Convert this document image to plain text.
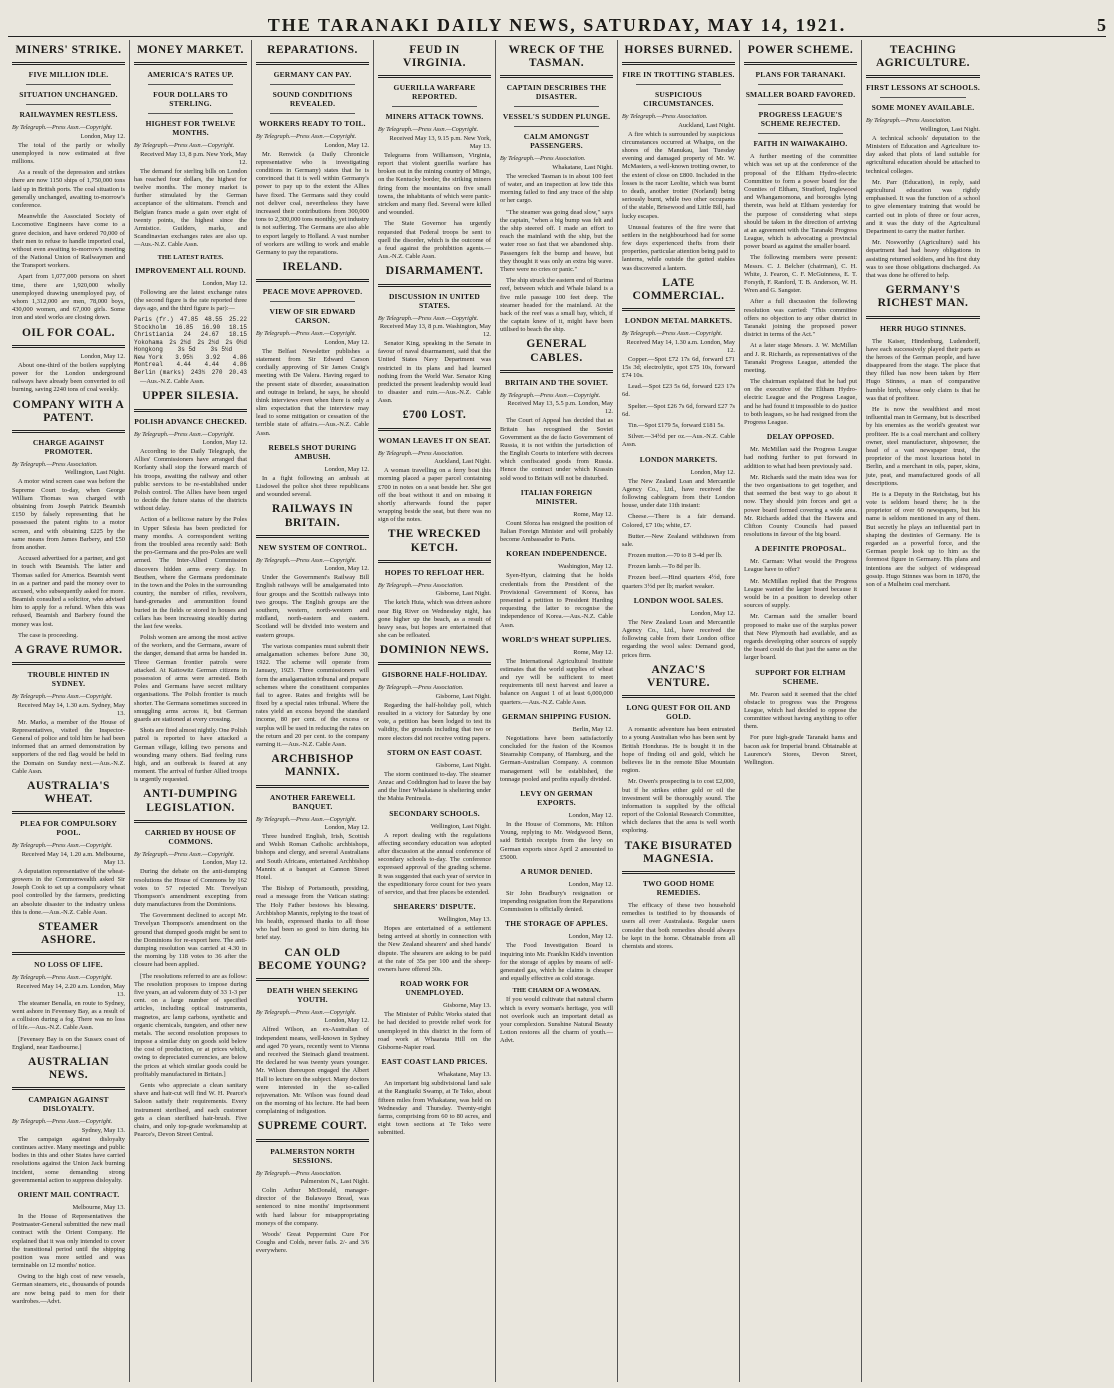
THE TARANAKI DAILY NEWS, SATURDAY, MAY 14, 1921.	5
MINERS' STRIKE.
FIVE MILLION IDLE.
SITUATION UNCHANGED.
RAILWAYMEN RESTLESS.
By Telegraph.—Press Assn.—Copyright.
London, May 12.

The total of the partly or wholly unemployed is now estimated at five millions.

As a result of the depression and strikes there are now 1150 ships of 1,750,000 tons laid up in British ports. The coal situation is generally unchanged, awaiting to-morrow's conference.

Meanwhile the Associated Society of Locomotive Engineers have come to a grave decision, and have ordered 70,000 of their men to refuse to handle imported coal, without even awaiting to-morrow's meeting of the National Union of Railwaymen and the Transport workers.

Apart from 1,077,000 persons on short time, there are 1,920,000 wholly unemployed drawing unemployed pay, of whom 1,312,000 are men, 78,000 boys, 430,000 women, and 67,000 girls. Some iron and steel works are closing down.

OIL FOR COAL.
London, May 12.

About one-third of the boilers supplying power for the London underground railways have already been converted to oil burning, saving 2240 tons of coal weekly.

COMPANY WITH A PATENT.
CHARGE AGAINST PROMOTER.
By Telegraph.—Press Association.
Wellington, Last Night.

A motor wind screen case was before the Supreme Court to-day, when George William Thomas was charged with obtaining from Joseph Patrick Beamish £150 by falsely representing that he possessed the patent rights to a motor screen, and with obtaining £225 by the same means from James Barbery, and £50 from another.

Accused advertised for a partner, and got in touch with Beamish. The latter and Thomas sailed for America. Beamish went in as a partner and paid the money over to accused, who subsequently asked for more. Beamish consulted a solicitor, who advised him to apply for a refund. When this was refused, Beamish and Barbery found the money was lost.

The case is proceeding.

A GRAVE RUMOR.
TROUBLE HINTED IN SYDNEY.
By Telegraph.—Press Assn.—Copyright.
Received May 14, 1.30 a.m. Sydney, May 13.

Mr. Marks, a member of the House of Representatives, visited the Inspector-General of police and told him he had been informed that an armed demonstration by supporters of the red flag would be held in the Domain on Sunday next.—Aus.-N.Z. Cable Assn.

AUSTRALIA'S WHEAT.
PLEA FOR COMPULSORY POOL.
By Telegraph.—Press Assn.—Copyright.
Received May 14, 1.20 a.m. Melbourne, May 13.

A deputation representative of the wheat-growers in the Commonwealth asked Sir Joseph Cook to set up a compulsory wheat pool controlled by the farmers, predicting an absolute disaster to the industry unless this is done.—Aus.-N.Z. Cable Assn.

STEAMER ASHORE.
NO LOSS OF LIFE.
By Telegraph.—Press Assn.—Copyright.
Received May 14, 2.20 a.m. London, May 13.

The steamer Benalla, en route to Sydney, went ashore in Fevensey Bay, as a result of a collision during a fog. There was no loss of life.—Aus.-N.Z. Cable Assn.

[Fevensey Bay is on the Sussex coast of England, near Eastbourne.]

AUSTRALIAN NEWS.
CAMPAIGN AGAINST DISLOYALTY.
By Telegraph.—Press Assn.—Copyright.
Sydney, May 13.

The campaign against disloyalty continues active. Many meetings and public bodies in this and other States have carried resolutions against the Union Jack burning incident, some demanding strong governmental action to suppress disloyalty.

ORIENT MAIL CONTRACT.
Melbourne, May 13.

In the House of Representatives the Postmaster-General submitted the new mail contract with the Orient Company. He explained that it was only intended to cover the transitional period until the shipping position was more settled and was terminable on 12 months' notice.

Owing to the high cost of new vessels, German steamers, etc., thousands of pounds are now being paid to men for their wardrobes.—Advt.

MONEY MARKET.
AMERICA'S RATES UP.
FOUR DOLLARS TO STERLING.
HIGHEST FOR TWELVE MONTHS.
By Telegraph.—Press Assn.—Copyright.
Received May 13, 8 p.m. New York, May 12.

The demand for sterling bills on London has reached four dollars, the highest for twelve months. The money market is further stimulated by the German acceptance of the ultimatum. French and Belgian francs made a gain over eight of twenty points, the highest since the Armistice. Guilders, marks, and Scandinavian exchanges rates are also up.—Aus.-N.Z. Cable Assn.

THE LATEST RATES.
IMPROVEMENT ALL ROUND.
London, May 12.

Following are the latest exchange rates (the second figure is the rate reported three days ago, and the third figure is par):—

Paris (fr.) 47.85 48.55 25.22
Stockholm 16.85 16.90 18.15
Christiania 24 24.67 18.15
Yokohama 2s 2½d 2s 2½d 2s 0½d
Hongkong 3s 5d 3s 5½d
New York 3.95½ 3.92 4.86
Montreal 4.44 4.44 4.86
Berlin (marks) 243½ 270 20.43

—Aus.-N.Z. Cable Assn.

UPPER SILESIA.
POLISH ADVANCE CHECKED.
By Telegraph.—Press Assn.—Copyright.
London, May 12.

According to the Daily Telegraph, the Allies' Commissioners have arranged that Korfanty shall stop the forward march of his troops, awaiting the railway and other public services to be re-established under Polish control. The Allies have been urged to decide the future status of the districts without delay.

Action of a bellicose nature by the Poles in Upper Silesia has been predicted for many months. A correspondent writing from the troubled area recently said: Both the pro-Germans and the pro-Poles are well armed. The Inter-Allied Commission discovers hidden arms every day. In Beuthen, where the Germans predominate in the town and the Poles in the surrounding country, the number of rifles, revolvers, hand-grenades and ammunition found buried in the fields or stored in houses and cellars has been increasing steadily during the last few weeks.

Polish women are among the most active of the workers, and the Germans, aware of the danger, demand that arms be handed in. Three German frontier patrols were attacked. At Kattowitz German citizens in possession of arms were arrested. Both Poles and Germans have secret military organisations. The Polish frontier is much shorter. The Germans sometimes succeed in smuggling arms across it, but German guards are stationed at every crossing.

Shots are fired almost nightly. One Polish patrol is reported to have attacked a German village, killing two persons and wounding many others. Bad feeling runs high, and an outbreak is feared at any moment. The arrival of further Allied troops is urgently requested.

ANTI-DUMPING LEGISLATION.
CARRIED BY HOUSE OF COMMONS.
By Telegraph.—Press Assn.—Copyright.
London, May 12.

During the debate on the anti-dumping resolutions the House of Commons by 162 votes to 57 rejected Mr. Trevelyan Thompson's amendment excepting from duty manufactures from the Dominions.

The Government declined to accept Mr. Trevelyan Thompson's amendment on the ground that dumped goods might be sent to the Dominions for re-export here. The anti-dumping resolution was carried at 4.30 in the morning by 118 votes to 36 after the closure had been applied.

[The resolutions referred to are as follow: The resolution proposes to impose during five years, an ad valorem duty of 33 1-3 per cent. on a large number of specified articles, including optical instruments, magnetos, arc lamp carbons, synthetic and organic chemicals, tungsten, and other new metals. The second resolution proposes to impose a similar duty on goods sold below the cost of production, or at prices which, owing to depreciated currencies, are below the prices at which similar goods could be profitably manufactured in Britain.]

Gents who appreciate a clean sanitary shave and hair-cut will find W. H. Pearce's Saloon satisfy their requirements. Every instrument sterilised, and each customer gets a clean sterilised hair-brush. Five chairs, and only top-grade workmanship at Pearce's, Devon Street Central.

REPARATIONS.
GERMANY CAN PAY.
SOUND CONDITIONS REVEALED.
WORKERS READY TO TOIL.
By Telegraph.—Press Assn.—Copyright.
London, May 12.

Mr. Renwick (a Daily Chronicle representative who is investigating conditions in Germany) states that he is convinced that it is well within Germany's power to pay up to the extent the Allies have fixed. The Germans said they could not deliver coal, nevertheless they have increased their contributions from 300,000 tons to 2,300,000 tons monthly, yet industry is not suffering. The Germans are also able to export largely to Holland. A vast number of workers are willing to work and enable Germany to pay the reparations.

IRELAND.
PEACE MOVE APPROVED.
VIEW OF SIR EDWARD CARSON.
By Telegraph.—Press Assn.—Copyright.
London, May 12.

The Belfast Newsletter publishes a statement from Sir Edward Carson cordially approving of Sir James Craig's meeting with De Valera. Having regard to the present state of disorder, assassination and outrage in Ireland, he says, he should think interviews even when there is only a slim expectation that the interview may lead to some mitigation or cessation of the terrible state of affairs.—Aus.-N.Z. Cable Assn.

REBELS SHOT DURING AMBUSH.
London, May 12.

In a fight following an ambush at Lisdowel the police shot three republicans and wounded several.

RAILWAYS IN BRITAIN.
NEW SYSTEM OF CONTROL.
By Telegraph.—Press Assn.—Copyright.
London, May 12.

Under the Government's Railway Bill English railways will be amalgamated into four groups and the Scottish railways into two groups. The English groups are the southern, western, north-western and midland, north-eastern and eastern. Scotland will be divided into western and eastern groups.

The various companies must submit their amalgamation schemes before June 30, 1922. The scheme will operate from January, 1923. Three commissioners will form the amalgamation tribunal and prepare schemes where the constituent companies fail to agree. Rates and freights will be fixed by a special rates tribunal. Where the rates yield an excess beyond the standard income, 80 per cent. of the excess or surplus will be used in reducing the rates on the return and 20 per cent. to the company earning it.—Aus.-N.Z. Cable Assn.

ARCHBISHOP MANNIX.
ANOTHER FAREWELL BANQUET.
By Telegraph.—Press Assn.—Copyright.
London, May 12.

Three hundred English, Irish, Scottish and Welsh Roman Catholic archbishops, bishops and clergy, and several Australians and South Africans, entertained Archbishop Mannix at a banquet at Cannon Street Hotel.

The Bishop of Portsmouth, presiding, read a message from the Vatican stating: The Holy Father bestows his blessing. Archbishop Mannix, replying to the toast of his health, expressed thanks to all those who had been so good to him during his brief stay.

CAN OLD BECOME YOUNG?
DEATH WHEN SEEKING YOUTH.
By Telegraph.—Press Assn.—Copyright.
London, May 12.

Alfred Wilson, an ex-Australian of independent means, well-known in Sydney and aged 70 years, recently went to Vienna and received the Steinach gland treatment. He declared he was twenty years younger. Mr. Wilson thereupon engaged the Albert Hall to lecture on the subject. Many doctors were interested in the so-called rejuvenation. Mr. Wilson was found dead on the morning of his lecture. He had been complaining of indigestion.

SUPREME COURT.
PALMERSTON NORTH SESSIONS.
By Telegraph.—Press Association.
Palmerston N., Last Night.

Colin Arthur McDonald, manager-director of the Bulawayo Bread, was sentenced to nine months' imprisonment with hard labour for misappropriating moneys of the company.

Woods' Great Peppermint Cure For Coughs and Colds, never fails. 2/- and 3/6 everywhere.

FEUD IN VIRGINIA.
GUERILLA WARFARE REPORTED.
MINERS ATTACK TOWNS.
By Telegraph.—Press Assn.—Copyright.
Received May 13, 9.15 p.m. New York, May 13.

Telegrams from Williamson, Virginia, report that violent guerilla warfare has broken out in the mining country of Mingo, on the Kentucky border, the striking miners firing from the mountains on five small towns, the inhabitants of which were panic-stricken and many fled. Several were killed and wounded.

The State Governor has urgently requested that Federal troops be sent to quell the disorder, which is the outcome of a feud against the prohibition agents.—Aus.-N.Z. Cable Assn.

DISARMAMENT.
DISCUSSION IN UNITED STATES.
By Telegraph.—Press Assn.—Copyright.
Received May 13, 8 p.m. Washington, May 12.

Senator King, speaking in the Senate in favour of naval disarmament, said that the United States Navy Department was restricted in its plans and had learned nothing from the World War. Senator King predicted the present leadership would lead to disaster and ruin.—Aus.-N.Z. Cable Assn.

£700 LOST.
WOMAN LEAVES IT ON SEAT.
By Telegraph.—Press Association.
Auckland, Last Night.

A woman travelling on a ferry boat this morning placed a paper parcel containing £700 in notes on a seat beside her. She got off the boat without it and on missing it shortly afterwards found the paper wrapping beside the seat, but there was no sign of the notes.

THE WRECKED KETCH.
HOPES TO REFLOAT HER.
By Telegraph.—Press Association.
Gisborne, Last Night.

The ketch Huia, which was driven ashore near Big River on Wednesday night, has gone higher up the beach, as a result of heavy seas, but hopes are entertained that she can be refloated.

DOMINION NEWS.
GISBORNE HALF-HOLIDAY.
By Telegraph.—Press Association.
Gisborne, Last Night.

Regarding the half-holiday poll, which resulted in a victory for Saturday by one vote, a petition has been lodged to test its validity, the grounds including that two or more electors did not receive voting papers.

STORM ON EAST COAST.
Gisborne, Last Night.

The storm continued to-day. The steamer Anzac and Coddington had to leave the bay and the liner Whakatane is sheltering under the Mahia Peninsula.

SECONDARY SCHOOLS.
Wellington, Last Night.

A report dealing with the regulations affecting secondary education was adopted after discussion at the annual conference of secondary schools to-day. The conference expressed approval of the grading scheme. It was suggested that each year of service in the expeditionary force count for two years of service, and that free places be extended.

SHEARERS' DISPUTE.
Wellington, May 13.

Hopes are entertained of a settlement being arrived at shortly in connection with the New Zealand shearers' and shed hands' dispute. The shearers are asking to be paid at the rate of 35s per 100 and the sheep-owners have offered 30s.

ROAD WORK FOR UNEMPLOYED.
Gisborne, May 13.

The Minister of Public Works stated that he had decided to provide relief work for unemployed in this district in the form of road work at Whaarata Hill on the Gisborne-Napier road.

EAST COAST LAND PRICES.
Whakatane, May 13.

An important big subdivisional land sale at the Rangitaiki Swamp, at Te Teko, about fifteen miles from Whakatane, was held on Wednesday and Thursday. Twenty-eight farms, comprising from 60 to 80 acres, and eight town sections at Te Teko were submitted.

WRECK OF THE TASMAN.
CAPTAIN DESCRIBES THE DISASTER.
VESSEL'S SUDDEN PLUNGE.
CALM AMONGST PASSENGERS.
By Telegraph.—Press Association.
Whakatane, Last Night.

The wrecked Tasman is in about 100 feet of water, and an inspection at low tide this morning failed to find any trace of the ship or her cargo.

"The steamer was going dead slow," says the captain, "when a big bump was felt and the ship steered off. I made an effort to reach the mainland with the ship, but the water rose so fast that we abandoned ship. Passengers felt the bump and heave, but they thought it was only an extra big wave. There were no cries or panic."

The ship struck the eastern end of Rurima reef, between which and Whale Island is a five mile passage 100 feet deep. The steamer headed for the mainland. At the back of the reef was a small bay, which, if the captain knew of it, might have been utilised to beach the ship.

GENERAL CABLES.
BRITAIN AND THE SOVIET.
By Telegraph.—Press Assn.—Copyright.
Received May 13, 5.5 p.m. London, May 12.

The Court of Appeal has decided that as Britain has recognised the Soviet Government as the de facto Government of Russia, it is not within the jurisdiction of the English Courts to interfere with decrees which confiscated goods from Russia. Hence the contract under which Krassin sold wood to Britain will not be disturbed.

ITALIAN FOREIGN MINISTER.
Rome, May 12.

Count Sforza has resigned the position of Italian Foreign Minister and will probably become Ambassador to Paris.

KOREAN INDEPENDENCE.
Washington, May 12.

Syen-Hyun, claiming that he holds credentials from the President of the Provisional Government of Korea, has presented a petition to President Harding requesting the latter to recognise the independence of Korea.—Aus.-N.Z. Cable Assn.

WORLD'S WHEAT SUPPLIES.
Rome, May 12.

The International Agricultural Institute estimates that the world supplies of wheat and rye will be sufficient to meet requirements till next harvest and leave a balance on August 1 of at least 6,000,000 quarters.—Aus.-N.Z. Cable Assn.

GERMAN SHIPPING FUSION.
Berlin, May 12.

Negotiations have been satisfactorily concluded for the fusion of the Kosmos Steamship Company, of Hamburg, and the German-Australian Company. A common management will be established, the tonnage pooled and profits equally divided.

LEVY ON GERMAN EXPORTS.
London, May 12.

In the House of Commons, Mr. Hilton Young, replying to Mr. Wedgwood Benn, said British receipts from the levy on German exports since April 2 amounted to £5000.

A RUMOR DENIED.
London, May 12.

Sir John Bradbury's resignation or impending resignation from the Reparations Commission is officially denied.

THE STORAGE OF APPLES.
London, May 12.

The Food Investigation Board is inquiring into Mr. Franklin Kidd's invention for the storage of apples by means of self-generated gas, which he claims is cheaper and equally effective as cold storage.

THE CHARM OF A WOMAN.

If you would cultivate that natural charm which is every woman's heritage, you will not overlook such an important detail as your complexion. Sunshine Natural Beauty Lotion restores all the charm of youth.—Advt.

HORSES BURNED.
FIRE IN TROTTING STABLES.
SUSPICIOUS CIRCUMSTANCES.
By Telegraph.—Press Association.
Auckland, Last Night.

A fire which is surrounded by suspicious circumstances occurred at Whaipu, on the shores of the Manukau, last Tuesday evening and damaged property of Mr. W. McMasters, a well-known trotting owner, to the extent of close on £800. Included in the losses is the racer Leolite, which was burnt to death, another trotter (Norland) being seriously burnt, while two other occupants of the stable, Brisewood and Little Bill, had lucky escapes.

Unusual features of the fire were that settlers in the neighbourhood had for some few days experienced thefts from their properties, particular attention being paid to lanterns, while outside the gutted stables was discovered a lantern.

LATE COMMERCIAL.
LONDON METAL MARKETS.
By Telegraph.—Press Assn.—Copyright.
Received May 14, 1.30 a.m. London, May 12.

Copper.—Spot £72 17s 6d, forward £71 15s 3d; electrolytic, spot £75 10s, forward £74 10s.

Lead.—Spot £23 5s 6d, forward £23 17s 6d.

Spelter.—Spot £26 7s 6d, forward £27 7s 6d.

Tin.—Spot £179 5s, forward £181 5s.

Silver.—34½d per oz.—Aus.-N.Z. Cable Assn.

LONDON MARKETS.
London, May 12.

The New Zealand Loan and Mercantile Agency Co., Ltd., have received the following cablegram from their London house, under date 11th instant:

Cheese.—There is a fair demand. Colored, £7 10s; white, £7.

Butter.—New Zealand withdrawn from sale.

Frozen mutton.—70 to 8 3-4d per lb.

Frozen lamb.—To 8d per lb.

Frozen beef.—Hind quarters 4½d, fore quarters 3½d per lb; market weaker.

LONDON WOOL SALES.
London, May 12.

The New Zealand Loan and Mercantile Agency Co., Ltd., have received the following cable from their London office regarding the wool sales: Demand good, prices firm.

ANZAC'S VENTURE.
LONG QUEST FOR OIL AND GOLD.

A romantic adventure has been entrusted to a young Australian who has been sent by British Honduras. He is bought it in the hope of finding oil and gold, which he believes lie in the remote Blue Mountain region.

Mr. Owen's prospecting is to cost £2,000, but if he strikes either gold or oil the investment will be thoroughly sound. The information is supplied by the official report of the Colonial Research Committee, which declares that the area is well worth exploring.

TAKE BISURATED MAGNESIA.
TWO GOOD HOME REMEDIES.

The efficacy of these two household remedies is testified to by thousands of users all over Australasia. Regular users consider that both remedies should always be kept in the home. Obtainable from all chemists and stores.

POWER SCHEME.
PLANS FOR TARANAKI.
SMALLER BOARD FAVORED.
PROGRESS LEAGUE'S SCHEME REJECTED.
FAITH IN WAIWAKAIHO.

A further meeting of the committee which was set up at the conference of the proposal of the Eltham Hydro-electric Committee to form a power board for the Counties of Eltham, Stratford, Inglewood and Whangamomona, and boroughs lying therein, was held at Eltham yesterday for the purpose of considering what steps should be taken in the direction of arriving at an agreement with the Taranaki Progress League, which is advocating a provincial power board as against the smaller board.

The following members were present: Messrs. C. J. Belcher (chairman), C. H. White, J. Fearon, C. F. McGuinness, E. T. Forsyth, F. Ranford, T. B. Anderson, W. H. Wren and G. Sangster.

After a full discussion the following resolution was carried: "This committee offers no objection to any other district in Taranaki joining the proposed power district in terms of the Act."

At a later stage Messrs. J. W. McMillan and J. R. Richards, as representatives of the Taranaki Progress League, attended the meeting.

The chairman explained that he had put on the executive of the Eltham Hydro-electric League and the Progress League, and he had found it impossible to do justice to both leagues, so he had resigned from the Progress League.

DELAY OPPOSED.

Mr. McMillan said the Progress League had nothing further to put forward in addition to what had been previously said.

Mr. Richards said the main idea was for the two organisations to get together, and that seemed the best way to go about it now. They should join forces and get a power board formed covering a wide area. Mr. Richards added that the Hawera and Clifton County Councils had passed resolutions in favour of the big board.

A DEFINITE PROPOSAL.

Mr. Carman: What would the Progress League have to offer?

Mr. McMillan replied that the Progress League wanted the larger board because it would be in a position to develop other sources of supply.

Mr. Carman said the smaller board proposed to make use of the surplus power that New Plymouth had available, and as regards developing other sources of supply the board could do that just the same as the larger board.

SUPPORT FOR ELTHAM SCHEME.

Mr. Fearon said it seemed that the chief obstacle to progress was the Progress League, which had decided to oppose the committee without having anything to offer them.

For pure high-grade Taranaki hams and bacon ask for Imperial brand. Obtainable at Laurence's Stores, Devon Street, Wellington.

TEACHING AGRICULTURE.
FIRST LESSONS AT SCHOOLS.
SOME MONEY AVAILABLE.
By Telegraph.—Press Association.
Wellington, Last Night.

A technical schools' deputation to the Ministers of Education and Agriculture to-day asked that plots of land suitable for agricultural education should be attached to technical colleges.

Mr. Parr (Education), in reply, said agricultural education was rightly emphasised. It was the function of a school to give elementary training that would be carried out in plots of three or four acres, and it was the duty of the Agricultural Department to carry the matter further.

Mr. Nosworthy (Agriculture) said his department had had heavy obligations in assisting returned soldiers, and his first duty was to see those obligations discharged. As that was done he offered to help.

GERMANY'S RICHEST MAN.
HERR HUGO STINNES.

The Kaiser, Hindenburg, Ludendorff, have each successively played their parts as the heroes of the German people, and have disappeared from the stage. The place that they filled has now been taken by Herr Hugo Stinnes, a man of comparative humble birth, whose only claim is that he was that of profiteer.

He is now the wealthiest and most influential man in Germany, but is described by his enemies as the world's greatest war profiteer. He is a coal merchant and colliery owner, steel manufacturer, shipowner, the head of a vast newspaper trust, the proprietor of the most luxurious hotel in Berlin, and a merchant in oils, paper, skins, jute, peat, and manufactured goods of all descriptions.

He is a Deputy in the Reichstag, but his vote is seldom heard there; he is the proprietor of over 60 newspapers, but his name is seldom mentioned in any of them. But secretly he plays an influential part in shaping the destinies of Germany. He is regarded as a powerful force, and the German people look up to him as the foremost figure in Germany. His plans and intentions are the subject of widespread gossip. Hugo Stinnes was born in 1870, the son of a Mulheim coal merchant.
